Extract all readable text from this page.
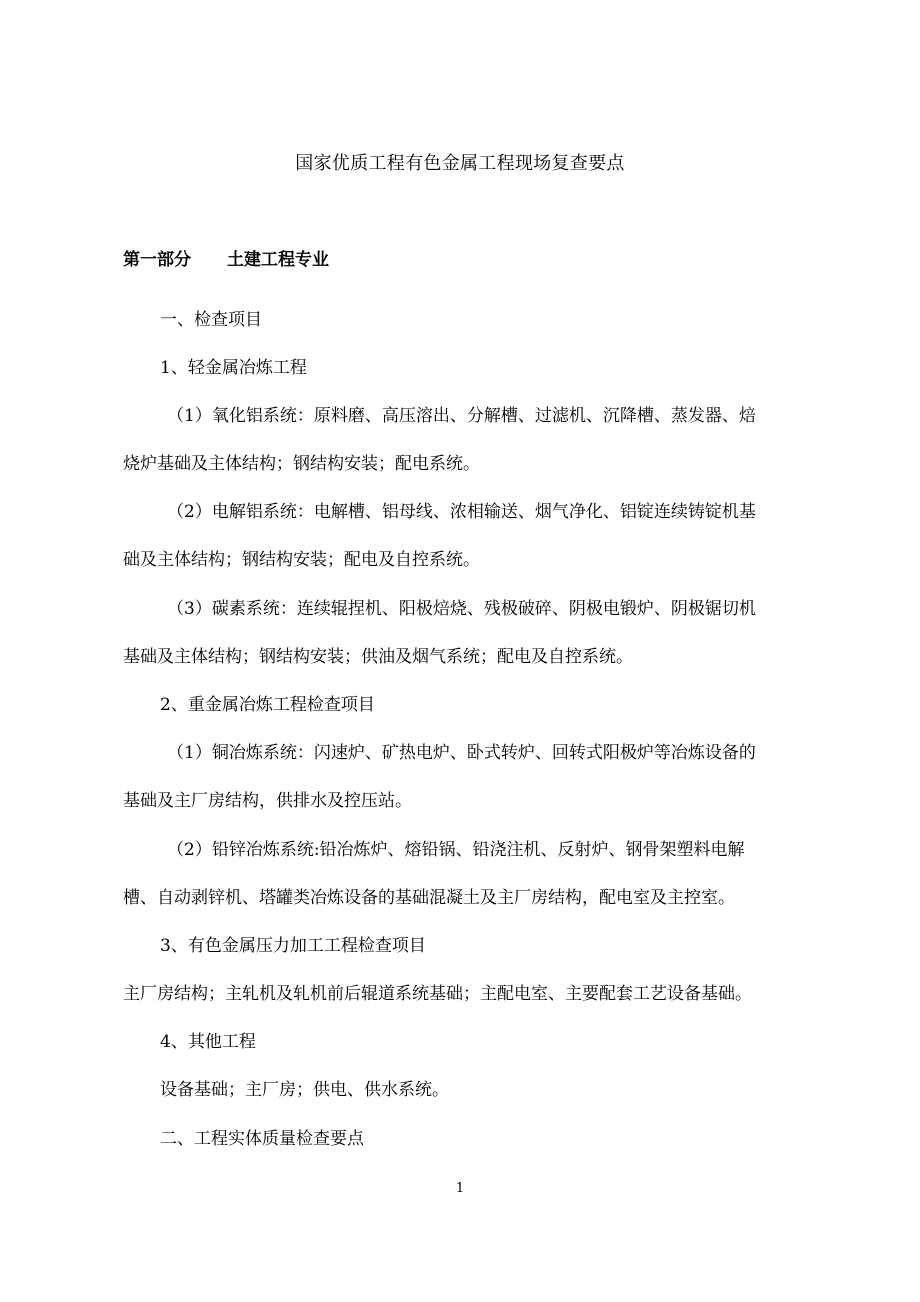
国家优质工程有色金属工程现场复查要点
第一部分 土建工程专业
一、检查项目
1、轻金属冶炼工程
（1）氧化铝系统：原料磨、高压溶出、分解槽、过滤机、沉降槽、蒸发器、焙
烧炉基础及主体结构；钢结构安装；配电系统。
（2）电解铝系统：电解槽、铝母线、浓相输送、烟气净化、铝锭连续铸锭机基
础及主体结构；钢结构安装；配电及自控系统。
（3）碳素系统：连续辊捏机、阳极焙烧、残极破碎、阴极电锻炉、阴极锯切机
基础及主体结构；钢结构安装；供油及烟气系统；配电及自控系统。
2、重金属冶炼工程检查项目
（1）铜冶炼系统：闪速炉、矿热电炉、卧式转炉、回转式阳极炉等冶炼设备的
基础及主厂房结构，供排水及控压站。
（2）铅锌冶炼系统:铅冶炼炉、熔铅锅、铅浇注机、反射炉、钢骨架塑料电解
槽、自动剥锌机、塔罐类冶炼设备的基础混凝土及主厂房结构，配电室及主控室。
3、有色金属压力加工工程检查项目
主厂房结构；主轧机及轧机前后辊道系统基础；主配电室、主要配套工艺设备基础。
4、其他工程
设备基础；主厂房；供电、供水系统。
二、工程实体质量检查要点
1
